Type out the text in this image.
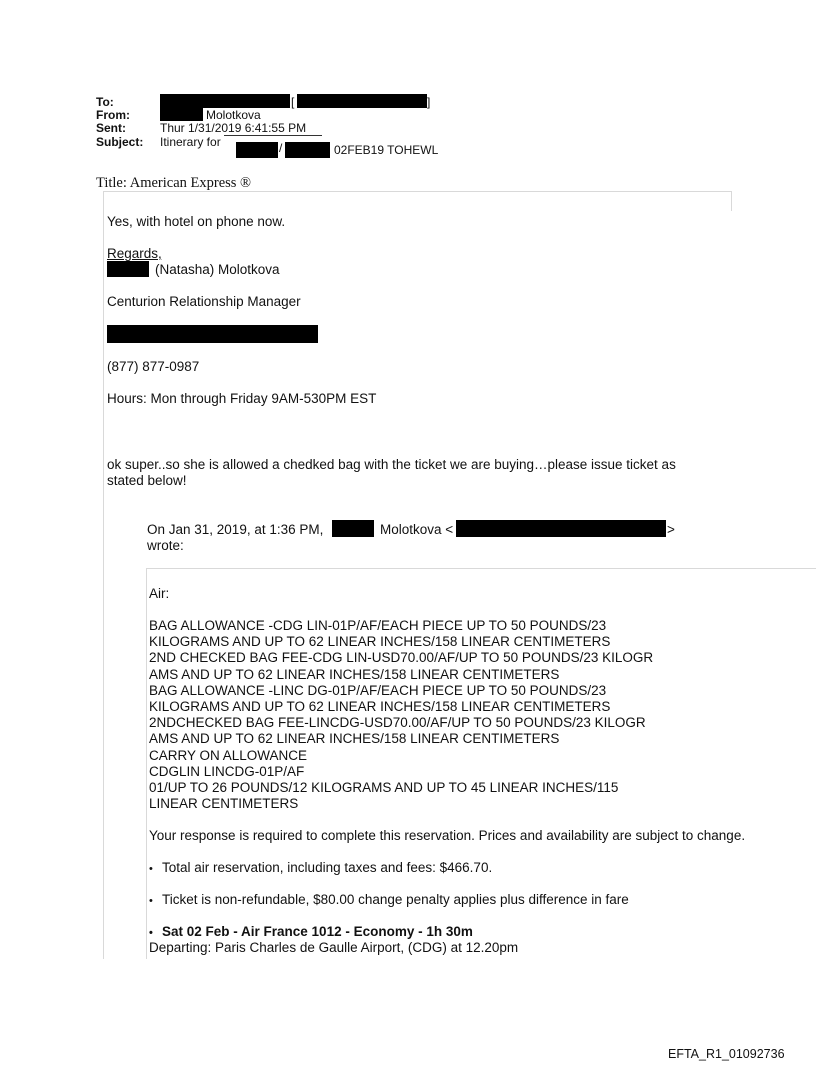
To:	[	]
From:	Molotkova
Sent:	Thur 1/31/2019 6:41:55 PM
Subject: Itinerary for	/	02FEB19 TOHEWL
Title: American Express ®
Yes, with hotel on phone now.
Regards,
(Natasha) Molotkova
Centurion Relationship Manager
(877) 877-0987
Hours: Mon through Friday 9AM-530PM EST
ok super..so she is allowed a chedked bag with the ticket we are buying…please issue ticket as
stated below!
On Jan 31, 2019, at 1:36 PM,	Molotkova <	>
wrote:
Air:
BAG ALLOWANCE -CDG LIN-01P/AF/EACH PIECE UP TO 50 POUNDS/23
KILOGRAMS AND UP TO 62 LINEAR INCHES/158 LINEAR CENTIMETERS
2ND CHECKED BAG FEE-CDG LIN-USD70.00/AF/UP TO 50 POUNDS/23 KILOGR
AMS AND UP TO 62 LINEAR INCHES/158 LINEAR CENTIMETERS
BAG ALLOWANCE -LINC DG-01P/AF/EACH PIECE UP TO 50 POUNDS/23
KILOGRAMS AND UP TO 62 LINEAR INCHES/158 LINEAR CENTIMETERS
2NDCHECKED BAG FEE-LINCDG-USD70.00/AF/UP TO 50 POUNDS/23 KILOGR
AMS AND UP TO 62 LINEAR INCHES/158 LINEAR CENTIMETERS
CARRY ON ALLOWANCE
CDGLIN LINCDG-01P/AF
01/UP TO 26 POUNDS/12 KILOGRAMS AND UP TO 45 LINEAR INCHES/115
LINEAR CENTIMETERS
Your response is required to complete this reservation. Prices and availability are subject to change.
• Total air reservation, including taxes and fees: $466.70.
• Ticket is non-refundable, $80.00 change penalty applies plus difference in fare
• Sat 02 Feb - Air France 1012 - Economy - 1h 30m
Departing: Paris Charles de Gaulle Airport, (CDG) at 12.20pm
EFTA_R1_01092736
